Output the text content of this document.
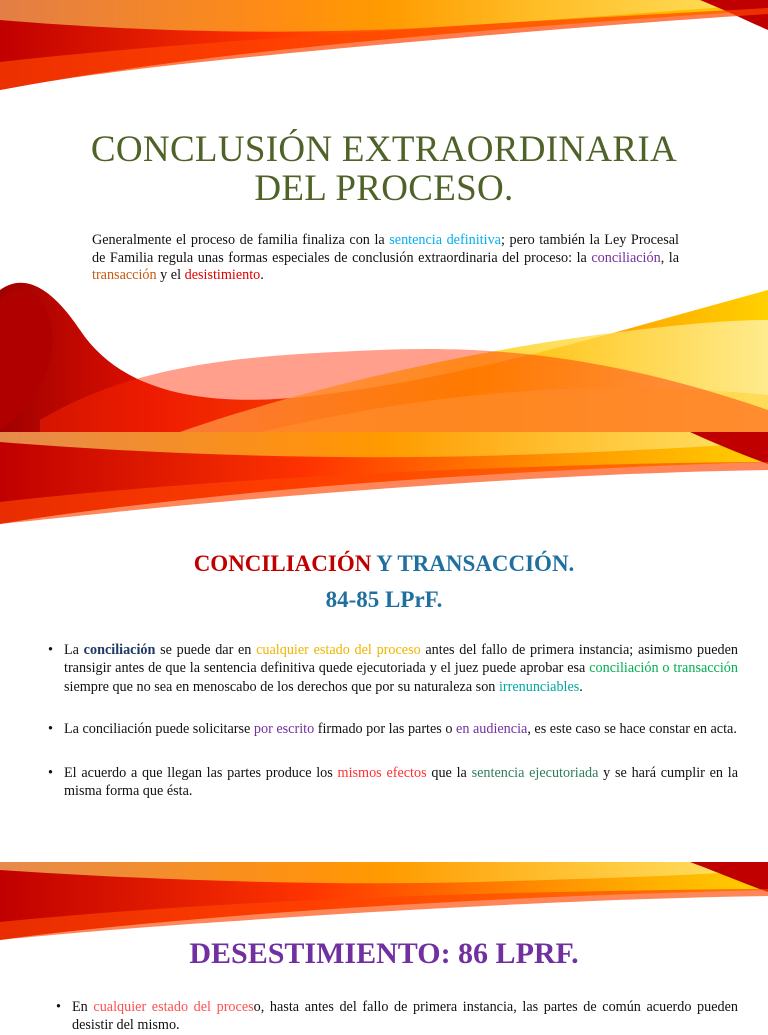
CONCLUSIÓN EXTRAORDINARIA
DEL PROCESO.
Generalmente el proceso de familia finaliza con la sentencia definitiva; pero también la Ley Procesal de Familia regula unas formas especiales de conclusión extraordinaria del proceso: la conciliación, la transacción y el desistimiento.
CONCILIACIÓN Y TRANSACCIÓN.
84-85 LPrF.
• La conciliación se puede dar en cualquier estado del proceso antes del fallo de primera instancia; asimismo pueden transigir antes de que la sentencia definitiva quede ejecutoriada y el juez puede aprobar esa conciliación o transacción siempre que no sea en menoscabo de los derechos que por su naturaleza son irrenunciables.
• La conciliación puede solicitarse por escrito firmado por las partes o en audiencia, es este caso se hace constar en acta.
• El acuerdo a que llegan las partes produce los mismos efectos que la sentencia ejecutoriada y se hará cumplir en la misma forma que ésta.
DESESTIMIENTO: 86 LPRF.
• En cualquier estado del proceso, hasta antes del fallo de primera instancia, las partes de común acuerdo pueden desistir del mismo.
